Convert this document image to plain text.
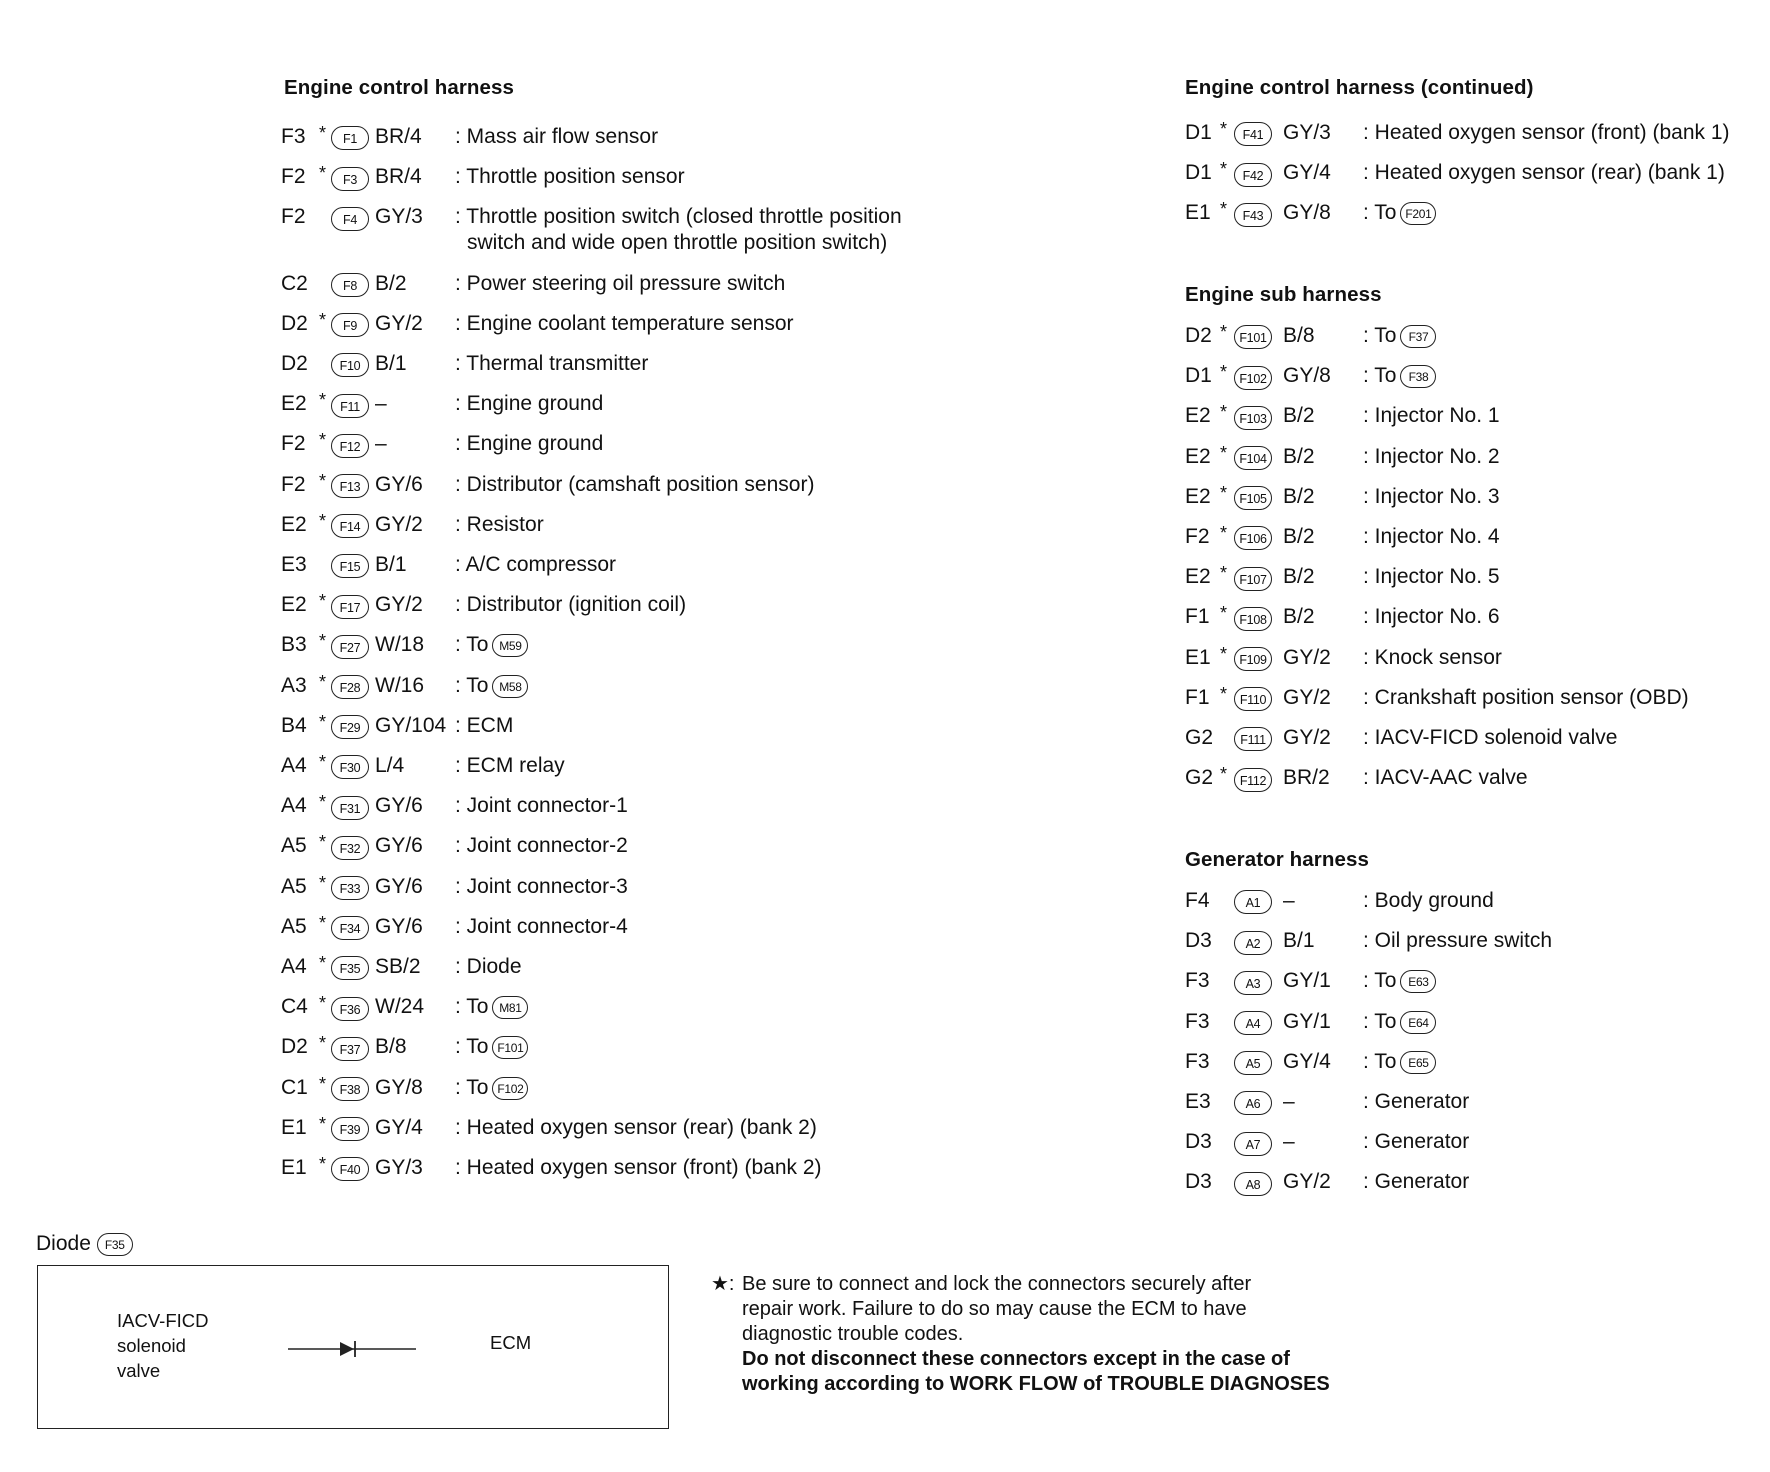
Engine control harness	Engine control harness (continued)
Engine sub harness
Generator harness
F3 *	F1 BR/4 : Mass air flow sensor
F2 *	F3 BR/4 : Throttle position sensor
F2	F4 GY/3 : Throttle position switch (closed throttle position
switch and wide open throttle position switch)
C2	F8 B/2 : Power steering oil pressure switch
D2 *	F9 GY/2 : Engine coolant temperature sensor
D2	F10 B/1 : Thermal transmitter
E2 *	F11 –	: Engine ground
F2 *	F12 –	: Engine ground
F2 *	F13 GY/6 : Distributor (camshaft position sensor)
E2 *	F14 GY/2 : Resistor
E3	F15 B/1 : A/C compressor
E2 *	F17 GY/2 : Distributor (ignition coil)
B3 *	F27 W/18 : To M59
A3 *	F28 W/16 : To M58
B4 *	F29 GY/104 : ECM
A4 *	F30 L/4 : ECM relay
A4 *	F31 GY/6 : Joint connector-1
A5 *	F32 GY/6 : Joint connector-2
A5 *	F33 GY/6 : Joint connector-3
A5 *	F34 GY/6 : Joint connector-4
A4 *	F35 SB/2 : Diode
C4 *	F36 W/24 : To M81
D2 *	F37 B/8 : To F101
C1 *	F38 GY/8 : To F102
E1 *	F39 GY/4 : Heated oxygen sensor (rear) (bank 2)
E1 *	F40 GY/3 : Heated oxygen sensor (front) (bank 2)
D1 *	F41 GY/3 : Heated oxygen sensor (front) (bank 1)
D1 *	F42 GY/4 : Heated oxygen sensor (rear) (bank 1)
E1 *	F43 GY/8 : To F201
D2 * F101 B/8 : To F37
D1 * F102 GY/8 : To F38
E2 * F103 B/2 : Injector No. 1
E2 * F104 B/2 : Injector No. 2
E2 * F105 B/2 : Injector No. 3
F2 * F106 B/2 : Injector No. 4
E2 * F107 B/2 : Injector No. 5
F1 * F108 B/2 : Injector No. 6
E1 * F109 GY/2 : Knock sensor
F1 *	F110 GY/2 : Crankshaft position sensor (OBD)
G2	F111 GY/2 : IACV-FICD solenoid valve
G2 *	F112 BR/2 : IACV-AAC valve
F4	A1	–	: Body ground
D3	A2	B/1 : Oil pressure switch
F3	A3	GY/1 : To E63
F3	A4	GY/1 : To E64
F3	A5	GY/4 : To E65
E3	A6	–	: Generator
D3	A7	–	: Generator
D3	A8	GY/2 : Generator
Diode F35
IACV-FICD
solenoid
valve
ECM
★: Be sure to connect and lock the connectors securely after
repair work. Failure to do so may cause the ECM to have
diagnostic trouble codes.
Do not disconnect these connectors except in the case of
working according to WORK FLOW of TROUBLE DIAGNOSES
